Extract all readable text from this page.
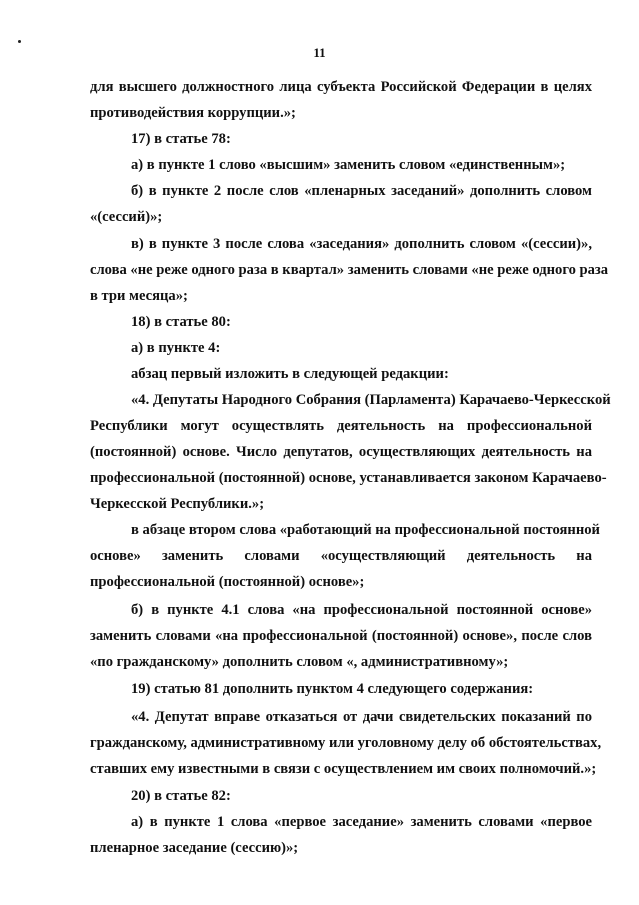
11
для высшего должностного лица субъекта Российской Федерации в целях
противодействия коррупции.»;
17) в статье 78:
а) в пункте 1 слово «высшим» заменить словом «единственным»;
б) в пункте 2 после слов «пленарных заседаний» дополнить словом
«(сессий)»;
в) в пункте 3 после слова «заседания» дополнить словом «(сессии)»,
слова «не реже одного раза в квартал» заменить словами «не реже одного раза
в три месяца»;
18) в статье 80:
а) в пункте 4:
абзац первый изложить в следующей редакции:
«4. Депутаты Народного Собрания (Парламента) Карачаево-Черкесской
Республики могут осуществлять деятельность на профессиональной
(постоянной) основе. Число депутатов, осуществляющих деятельность на
профессиональной (постоянной) основе, устанавливается законом Карачаево-
Черкесской Республики.»;
в абзаце втором слова «работающий на профессиональной постоянной
основе» заменить словами «осуществляющий деятельность на
профессиональной (постоянной) основе»;
б) в пункте 4.1 слова «на профессиональной постоянной основе»
заменить словами «на профессиональной (постоянной) основе», после слов
«по гражданскому» дополнить словом «, административному»;
19) статью 81 дополнить пунктом 4 следующего содержания:
«4. Депутат вправе отказаться от дачи свидетельских показаний по
гражданскому, административному или уголовному делу об обстоятельствах,
ставших ему известными в связи с осуществлением им своих полномочий.»;
20) в статье 82:
а) в пункте 1 слова «первое заседание» заменить словами «первое
пленарное заседание (сессию)»;
